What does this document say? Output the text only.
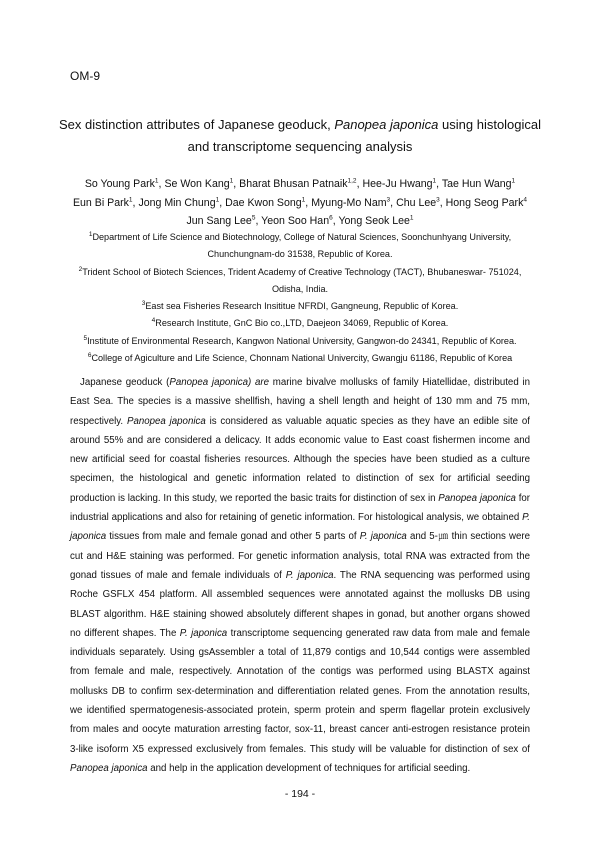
OM-9
Sex distinction attributes of Japanese geoduck, Panopea japonica using histological
and transcriptome sequencing analysis
So Young Park$^1$, Se Won Kang$^1$, Bharat Bhusan Patnaik$^{1,2}$, Hee-Ju Hwang$^1$, Tae Hun Wang$^1$
Eun Bi Park$^1$, Jong Min Chung$^1$, Dae Kwon Song$^1$, Myung-Mo Nam$^3$, Chu Lee$^3$, Hong Seog Park$^4$
Jun Sang Lee$^5$, Yeon Soo Han$^6$, Yong Seok Lee$^1$
$^1$Department of Life Science and Biotechnology, College of Natural Sciences, Soonchunhyang University,
Chunchungnam-do 31538, Republic of Korea.
$^2$Trident School of Biotech Sciences, Trident Academy of Creative Technology (TACT), Bhubaneswar- 751024,
Odisha, India.
$^3$East sea Fisheries Research Insititue NFRDI, Gangneung, Republic of Korea.
$^4$Research Institute, GnC Bio co.,LTD, Daejeon 34069, Republic of Korea.
$^5$Institute of Environmental Research, Kangwon National University, Gangwon-do 24341, Republic of Korea.
$^6$College of Agiculture and Life Science, Chonnam National Univercity, Gwangju 61186, Republic of Korea

Japanese geoduck (Panopea japonica) are marine bivalve mollusks of family Hiatellidae, distributed in East Sea. The species is a massive shellfish, having a shell length and height of 130 mm and 75 mm, respectively. Panopea japonica is considered as valuable aquatic species as they have an edible site of around 55% and are considered a delicacy. It adds economic value to East coast fishermen income and new artificial seed for coastal fisheries resources. Although the species have been studied as a culture specimen, the histological and genetic information related to distinction of sex for artificial seeding production is lacking. In this study, we reported the basic traits for distinction of sex in Panopea japonica for industrial applications and also for retaining of genetic information. For histological analysis, we obtained P. japonica tissues from male and female gonad and other 5 parts of P. japonica and 5-㎛ thin sections were cut and H&E staining was performed. For genetic information analysis, total RNA was extracted from the gonad tissues of male and female individuals of P. japonica. The RNA sequencing was performed using Roche GSFLX 454 platform. All assembled sequences were annotated against the mollusks DB using BLAST algorithm. H&E staining showed absolutely different shapes in gonad, but another organs showed no different shapes. The P. japonica transcriptome sequencing generated raw data from male and female individuals separately. Using gsAssembler a total of 11,879 contigs and 10,544 contigs were assembled from female and male, respectively. Annotation of the contigs was performed using BLASTX against mollusks DB to confirm sex-determination and differentiation related genes. From the annotation results, we identified spermatogenesis-associated protein, sperm protein and sperm flagellar protein exclusively from males and oocyte maturation arresting factor, sox-11, breast cancer anti-estrogen resistance protein 3-like isoform X5 expressed exclusively from females. This study will be valuable for distinction of sex of Panopea japonica and help in the application development of techniques for artificial seeding.

- 194 -
